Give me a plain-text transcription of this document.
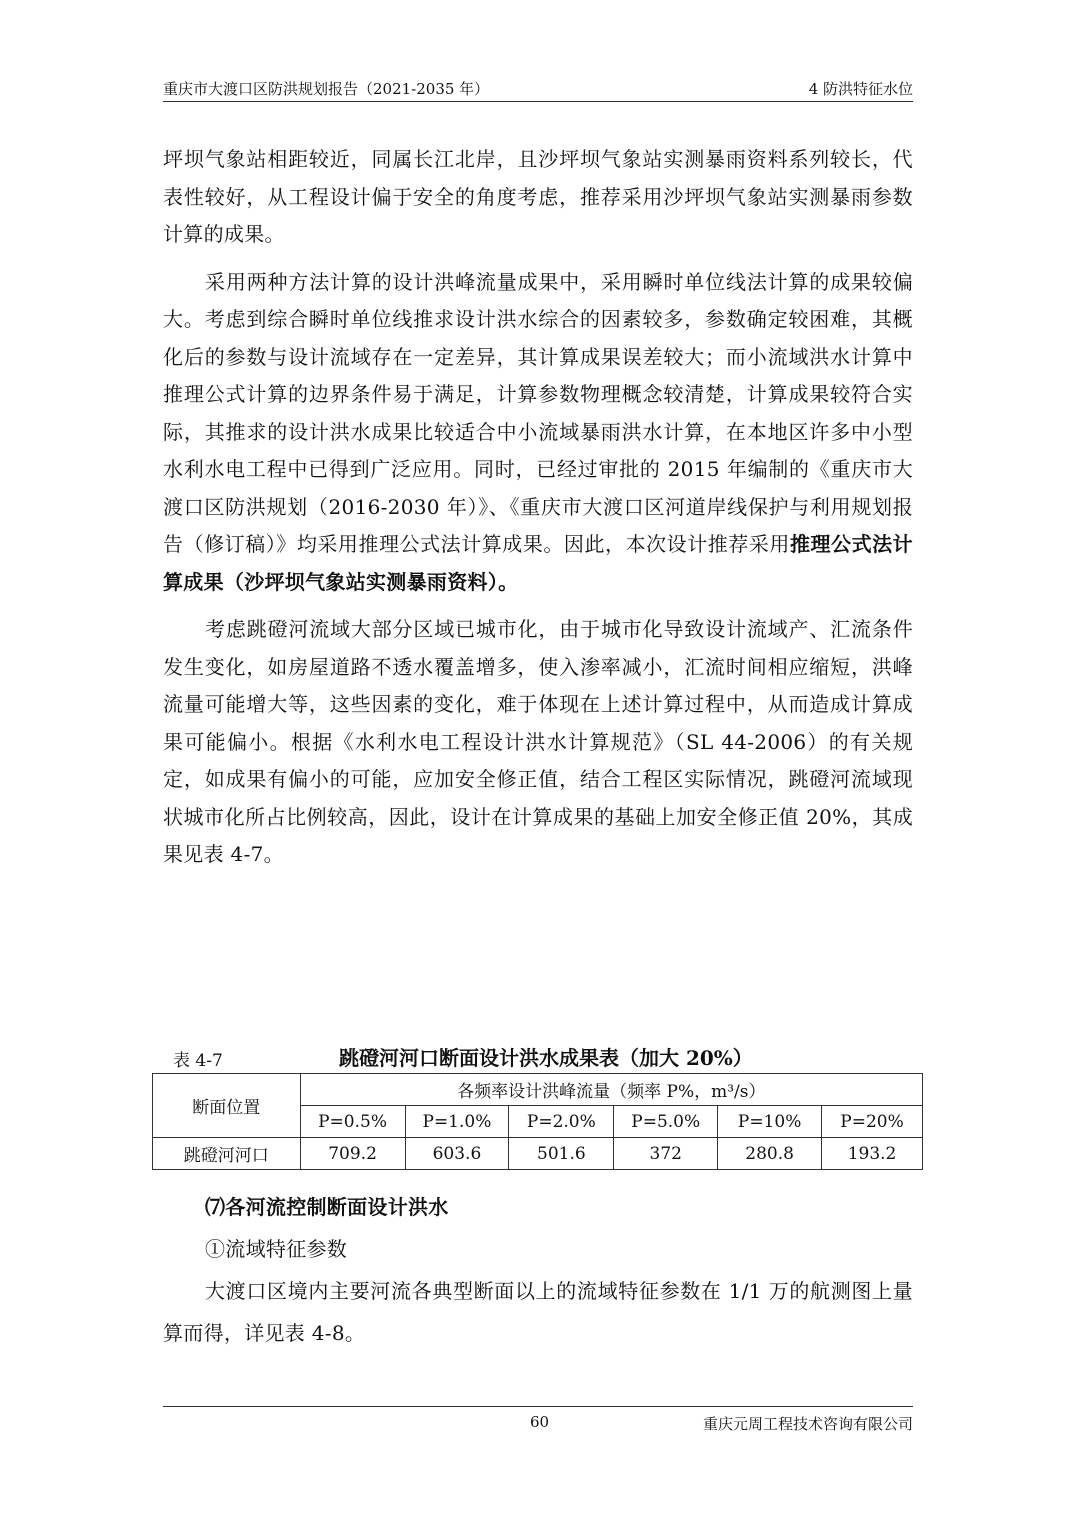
重庆市大渡口区防洪规划报告（2021-2035 年）	4 防洪特征水位

坪坝气象站相距较近，同属长江北岸，且沙坪坝气象站实测暴雨资料系列较长，代表性较好，从工程设计偏于安全的角度考虑，推荐采用沙坪坝气象站实测暴雨参数计算的成果。

采用两种方法计算的设计洪峰流量成果中，采用瞬时单位线法计算的成果较偏大。考虑到综合瞬时单位线推求设计洪水综合的因素较多，参数确定较困难，其概化后的参数与设计流域存在一定差异，其计算成果误差较大；而小流域洪水计算中推理公式计算的边界条件易于满足，计算参数物理概念较清楚，计算成果较符合实际，其推求的设计洪水成果比较适合中小流域暴雨洪水计算，在本地区许多中小型水利水电工程中已得到广泛应用。同时，已经过审批的 2015 年编制的《重庆市大渡口区防洪规划（2016-2030 年）》、《重庆市大渡口区河道岸线保护与利用规划报告（修订稿）》均采用推理公式法计算成果。因此，本次设计推荐采用推理公式法计算成果（沙坪坝气象站实测暴雨资料）。

考虑跳磴河流域大部分区域已城市化，由于城市化导致设计流域产、汇流条件发生变化，如房屋道路不透水覆盖增多，使入渗率减小，汇流时间相应缩短，洪峰流量可能增大等，这些因素的变化，难于体现在上述计算过程中，从而造成计算成果可能偏小。根据《水利水电工程设计洪水计算规范》（SL 44-2006）的有关规定，如成果有偏小的可能，应加安全修正值，结合工程区实际情况，跳磴河流域现状城市化所占比例较高，因此，设计在计算成果的基础上加安全修正值 20%，其成果见表 4-7。

表 4-7	跳磴河河口断面设计洪水成果表（加大 20%）
断面位置	各频率设计洪峰流量（频率 P%，m³/s）					
	P=0.5%	P=1.0%	P=2.0%	P=5.0%	P=10%	P=20%
跳磴河河口	709.2	603.6	501.6	372	280.8	193.2

⑺各河流控制断面设计洪水

①流域特征参数

大渡口区境内主要河流各典型断面以上的流域特征参数在 1/1 万的航测图上量算而得，详见表 4-8。

60	重庆元周工程技术咨询有限公司
